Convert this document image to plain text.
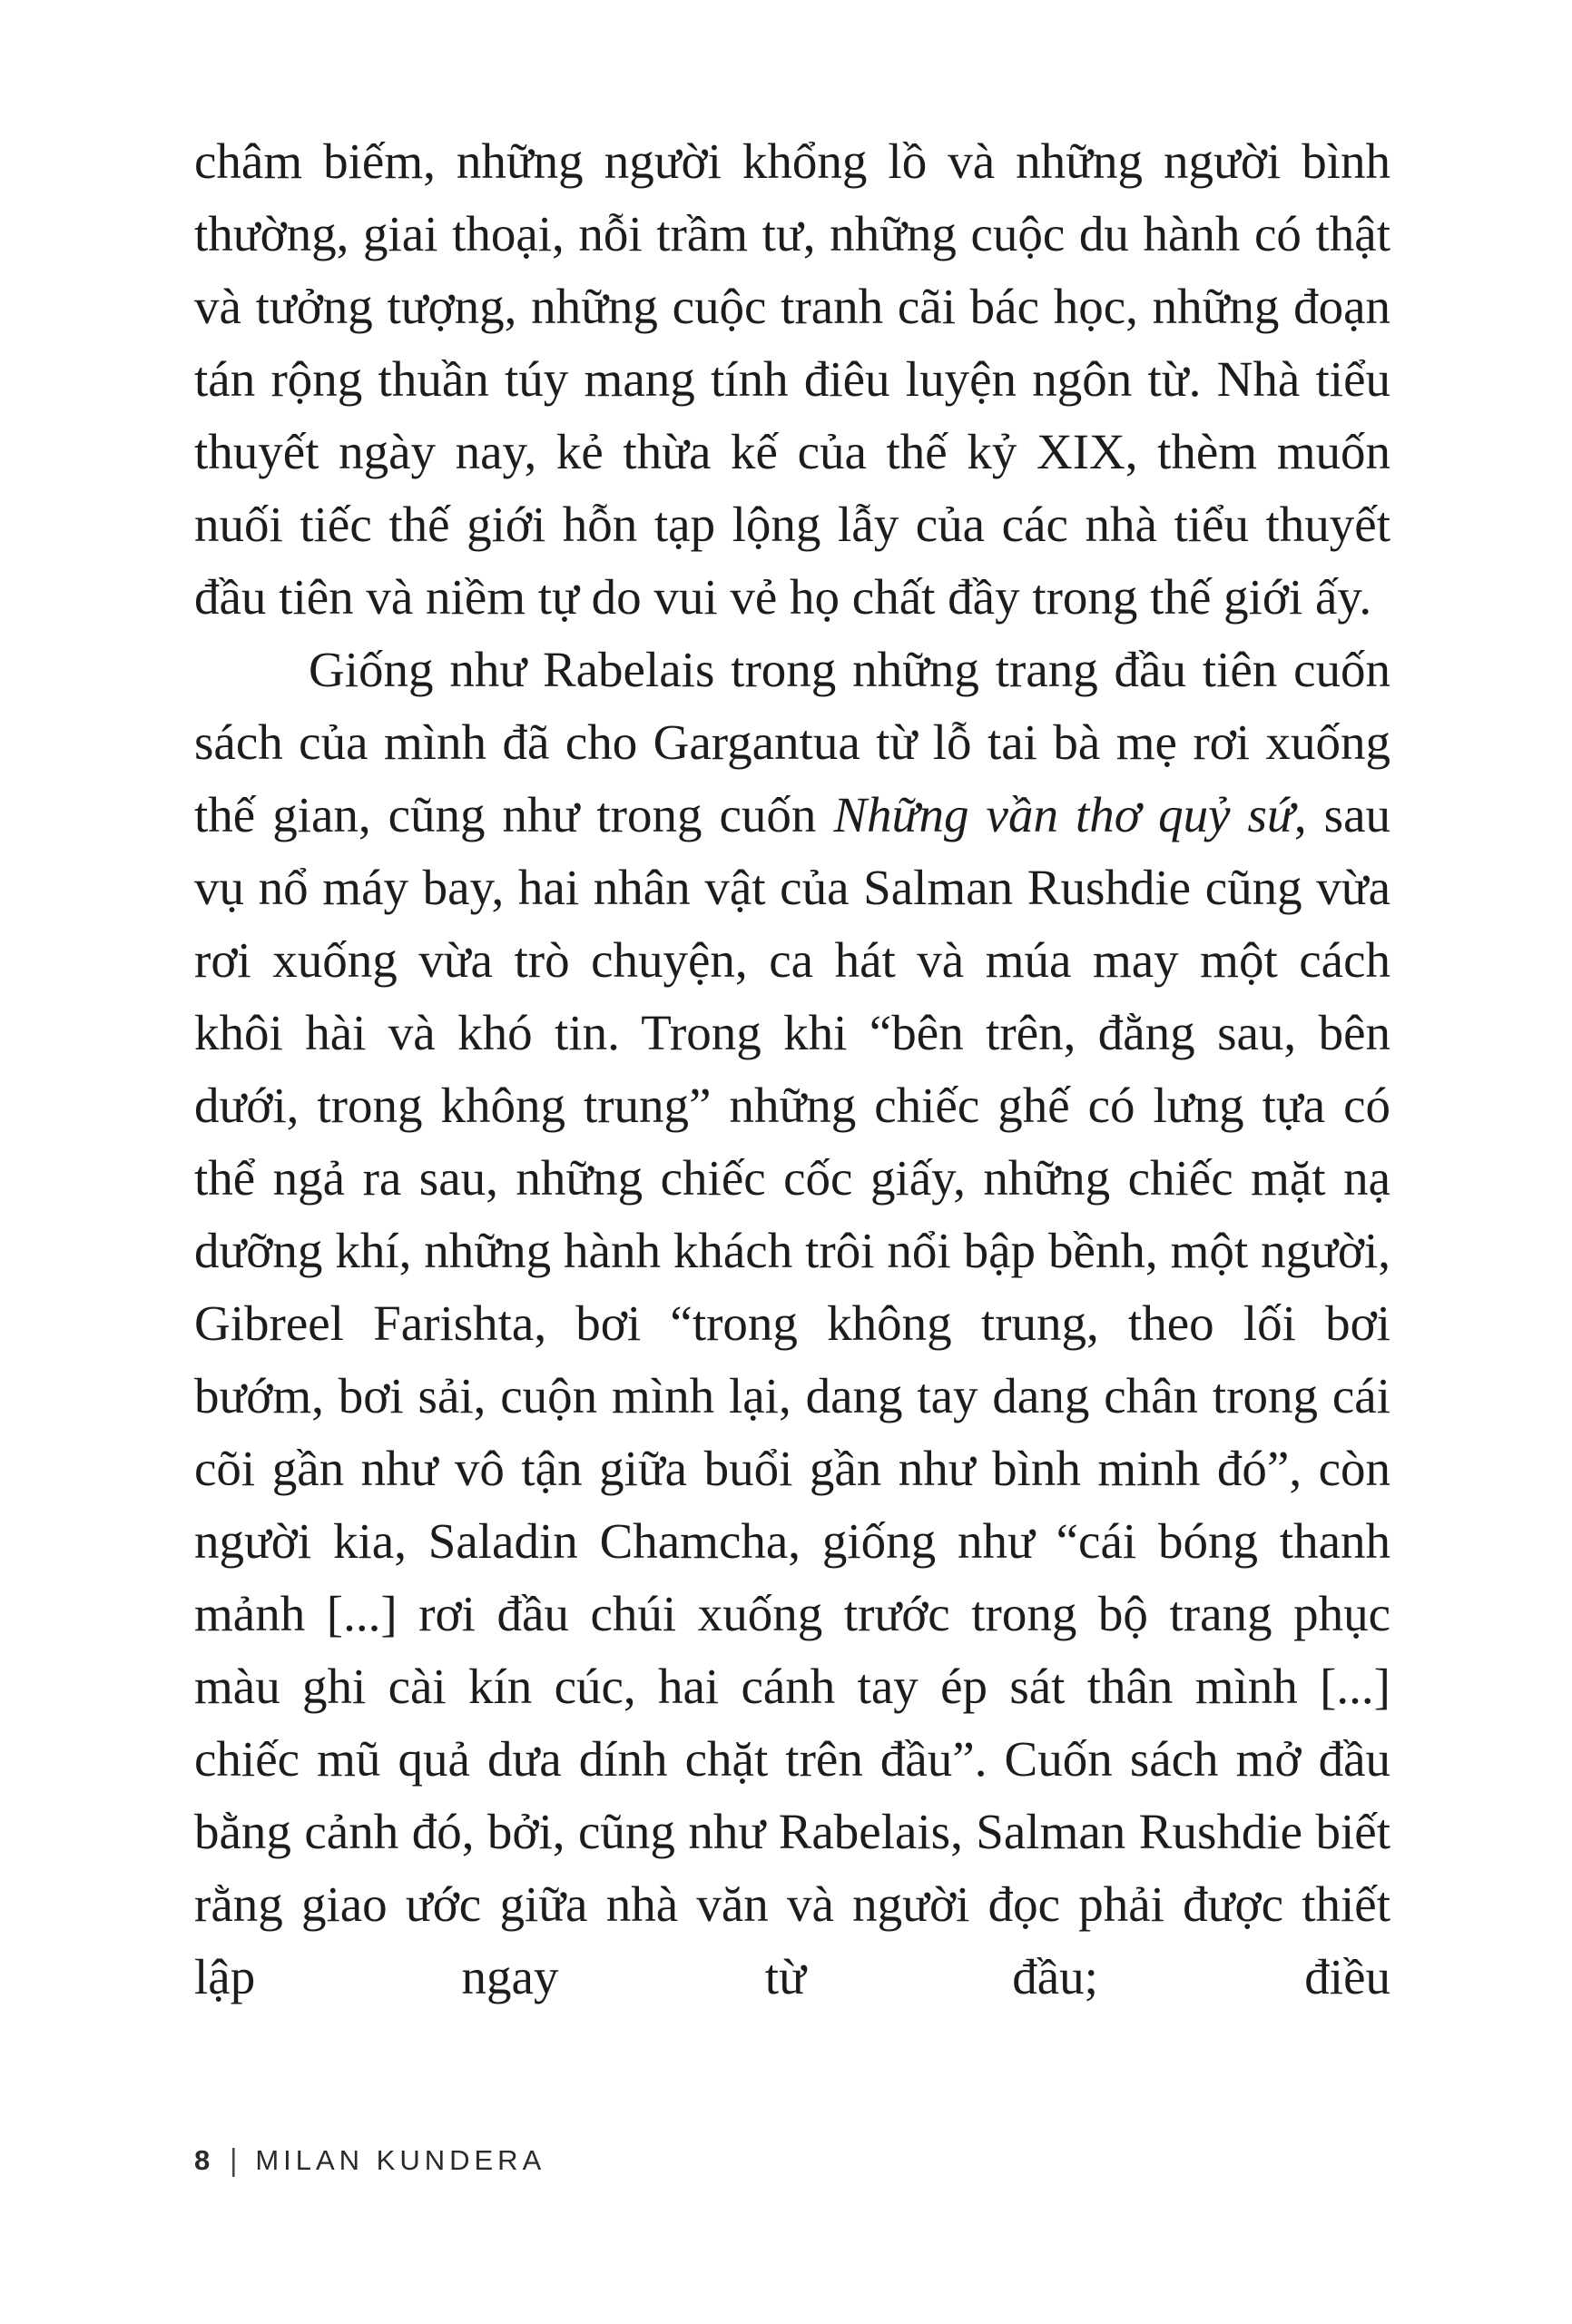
châm biếm, những người khổng lồ và những người bình thường, giai thoại, nỗi trầm tư, những cuộc du hành có thật và tưởng tượng, những cuộc tranh cãi bác học, những đoạn tán rộng thuần túy mang tính điêu luyện ngôn từ. Nhà tiểu thuyết ngày nay, kẻ thừa kế của thế kỷ XIX, thèm muốn nuối tiếc thế giới hỗn tạp lộng lẫy của các nhà tiểu thuyết đầu tiên và niềm tự do vui vẻ họ chất đầy trong thế giới ấy.

Giống như Rabelais trong những trang đầu tiên cuốn sách của mình đã cho Gargantua từ lỗ tai bà mẹ rơi xuống thế gian, cũng như trong cuốn Những vần thơ quỷ sứ, sau vụ nổ máy bay, hai nhân vật của Salman Rushdie cũng vừa rơi xuống vừa trò chuyện, ca hát và múa may một cách khôi hài và khó tin. Trong khi “bên trên, đằng sau, bên dưới, trong không trung” những chiếc ghế có lưng tựa có thể ngả ra sau, những chiếc cốc giấy, những chiếc mặt nạ dưỡng khí, những hành khách trôi nổi bập bềnh, một người, Gibreel Farishta, bơi “trong không trung, theo lối bơi bướm, bơi sải, cuộn mình lại, dang tay dang chân trong cái cõi gần như vô tận giữa buổi gần như bình minh đó”, còn người kia, Saladin Chamcha, giống như “cái bóng thanh mảnh [...] rơi đầu chúi xuống trước trong bộ trang phục màu ghi cài kín cúc, hai cánh tay ép sát thân mình [...] chiếc mũ quả dưa dính chặt trên đầu”. Cuốn sách mở đầu bằng cảnh đó, bởi, cũng như Rabelais, Salman Rushdie biết rằng giao ước giữa nhà văn và người đọc phải được thiết lập ngay từ đầu; điều

8 | MILAN KUNDERA
